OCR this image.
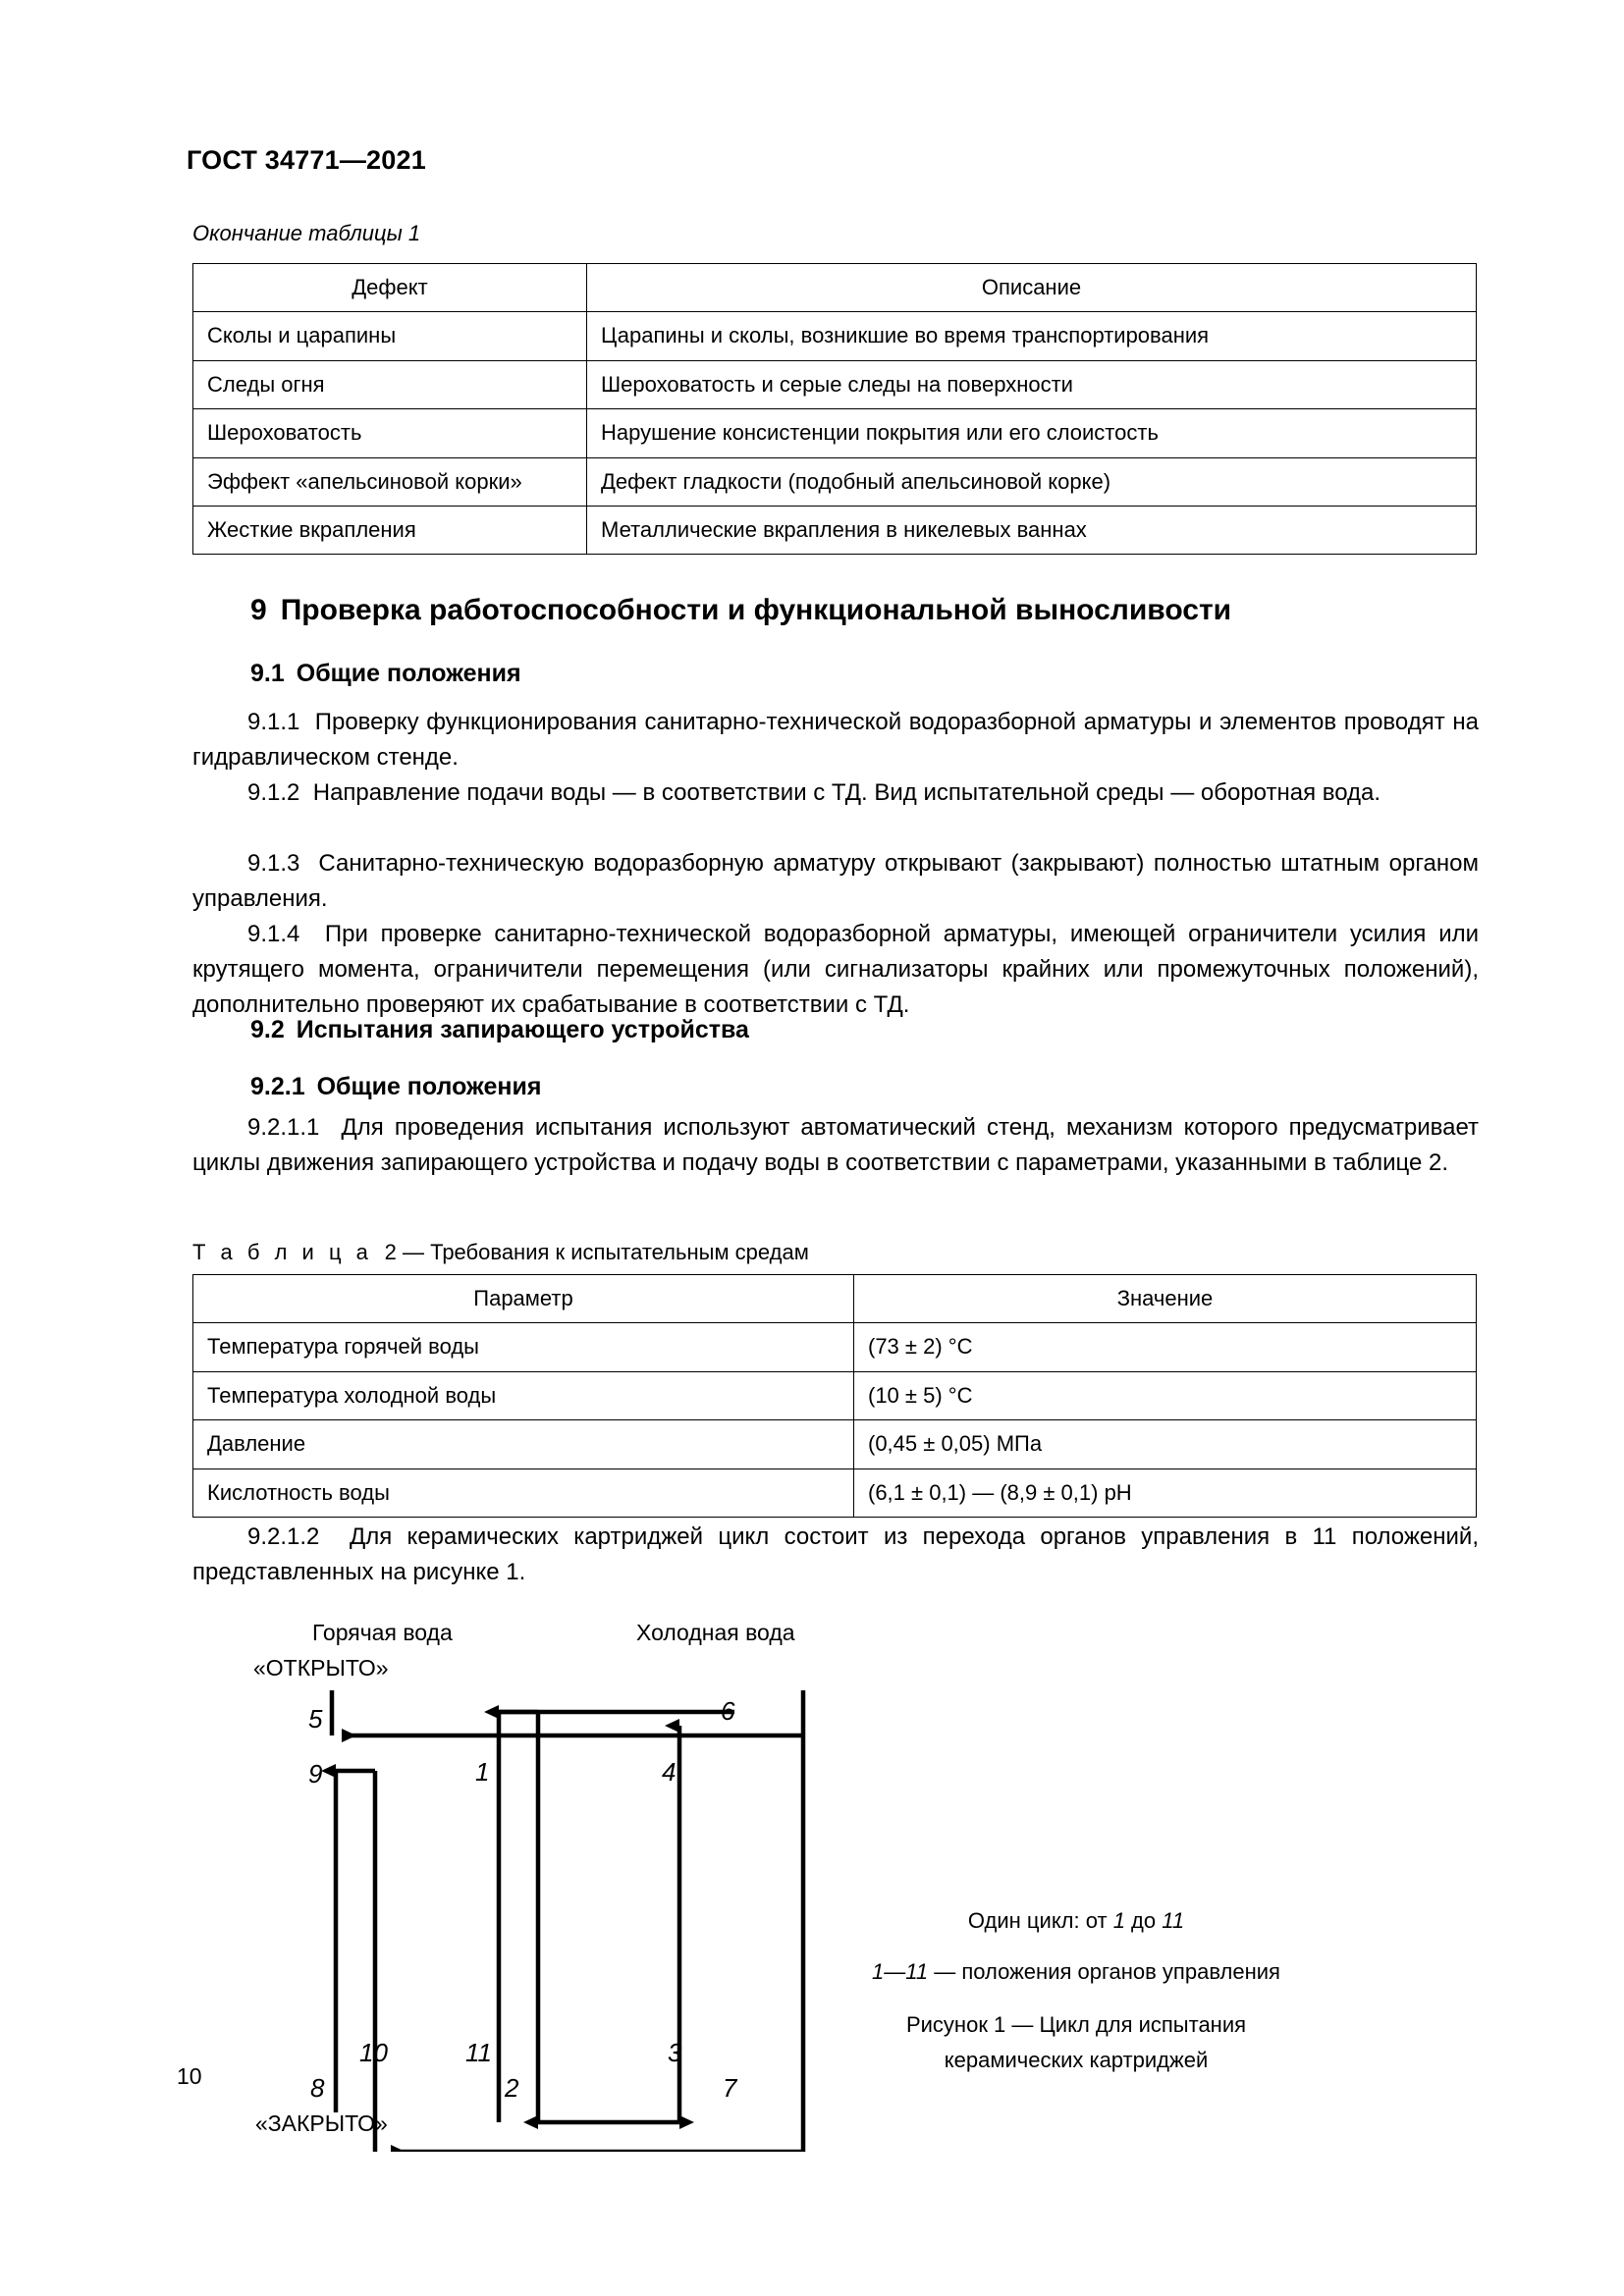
ГОСТ 34771—2021
Окончание таблицы 1
Дефект	Описание
Сколы и царапины	Царапины и сколы, возникшие во время транспортирования
Следы огня	Шероховатость и серые следы на поверхности
Шероховатость	Нарушение консистенции покрытия или его слоистость
Эффект «апельсиновой корки»	Дефект гладкости (подобный апельсиновой корке)
Жесткие вкрапления	Металлические вкрапления в никелевых ваннах
9 Проверка работоспособности и функциональной выносливости
9.1 Общие положения
9.1.1 Проверку функционирования санитарно-технической водоразборной арматуры и элементов проводят на гидравлическом стенде.
9.1.2 Направление подачи воды — в соответствии с ТД. Вид испытательной среды — оборотная вода.
9.1.3 Санитарно-техническую водоразборную арматуру открывают (закрывают) полностью штатным органом управления.
9.1.4 При проверке санитарно-технической водоразборной арматуры, имеющей ограничители усилия или крутящего момента, ограничители перемещения (или сигнализаторы крайних или промежуточных положений), дополнительно проверяют их срабатывание в соответствии с ТД.
9.2 Испытания запирающего устройства
9.2.1 Общие положения
9.2.1.1 Для проведения испытания используют автоматический стенд, механизм которого предусматривает циклы движения запирающего устройства и подачу воды в соответствии с параметрами, указанными в таблице 2.
Т а б л и ц а 2 — Требования к испытательным средам
Параметр	Значение
Температура горячей воды	(73 ± 2) °C
Температура холодной воды	(10 ± 5) °C
Давление	(0,45 ± 0,05) МПа
Кислотность воды	(6,1 ± 0,1) — (8,9 ± 0,1) pH
9.2.1.2 Для керамических картриджей цикл состоит из перехода органов управления в 11 положений, представленных на рисунке 1.
Горячая вода	Холодная вода
«ОТКРЫТО»
«ЗАКРЫТО»
5	6
9	1	4
10	11	3
2
8	7
Один цикл: от 1 до 11
1—11 — положения органов управления
Рисунок 1 — Цикл для испытания
керамических картриджей
10
